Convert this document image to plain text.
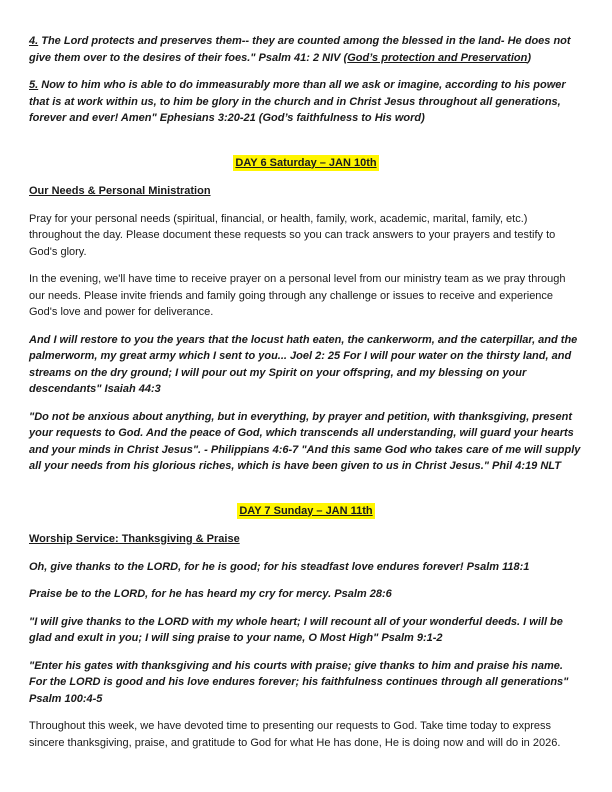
4. The Lord protects and preserves them-- they are counted among the blessed in the land- He does not give them over to the desires of their foes." Psalm 41: 2 NIV (God’s protection and Preservation)

5. Now to him who is able to do immeasurably more than all we ask or imagine, according to his power that is at work within us, to him be glory in the church and in Christ Jesus throughout all generations, forever and ever! Amen" Ephesians 3:20-21 (God’s faithfulness to His word)

DAY 6 Saturday – JAN 10th

Our Needs & Personal Ministration

Pray for your personal needs (spiritual, financial, or health, family, work, academic, marital, family, etc.) throughout the day. Please document these requests so you can track answers to your prayers and testify to God's glory.

In the evening, we'll have time to receive prayer on a personal level from our ministry team as we pray through our needs. Please invite friends and family going through any challenge or issues to receive and experience God's love and power for deliverance.

And I will restore to you the years that the locust hath eaten, the cankerworm, and the caterpillar, and the palmerworm, my great army which I sent to you... Joel 2: 25 For I will pour water on the thirsty land, and streams on the dry ground; I will pour out my Spirit on your offspring, and my blessing on your descendants" Isaiah 44:3

"Do not be anxious about anything, but in everything, by prayer and petition, with thanksgiving, present your requests to God. And the peace of God, which transcends all understanding, will guard your hearts and your minds in Christ Jesus". - Philippians 4:6-7 "And this same God who takes care of me will supply all your needs from his glorious riches, which is have been given to us in Christ Jesus." Phil 4:19 NLT

DAY 7 Sunday – JAN 11th

Worship Service: Thanksgiving & Praise

Oh, give thanks to the LORD, for he is good; for his steadfast love endures forever! Psalm 118:1

Praise be to the LORD, for he has heard my cry for mercy. Psalm 28:6

"I will give thanks to the LORD with my whole heart; I will recount all of your wonderful deeds. I will be glad and exult in you; I will sing praise to your name, O Most High" Psalm 9:1-2

"Enter his gates with thanksgiving and his courts with praise; give thanks to him and praise his name. For the LORD is good and his love endures forever; his faithfulness continues through all generations" Psalm 100:4-5

Throughout this week, we have devoted time to presenting our requests to God. Take time today to express sincere thanksgiving, praise, and gratitude to God for what He has done, He is doing now and will do in 2026.
